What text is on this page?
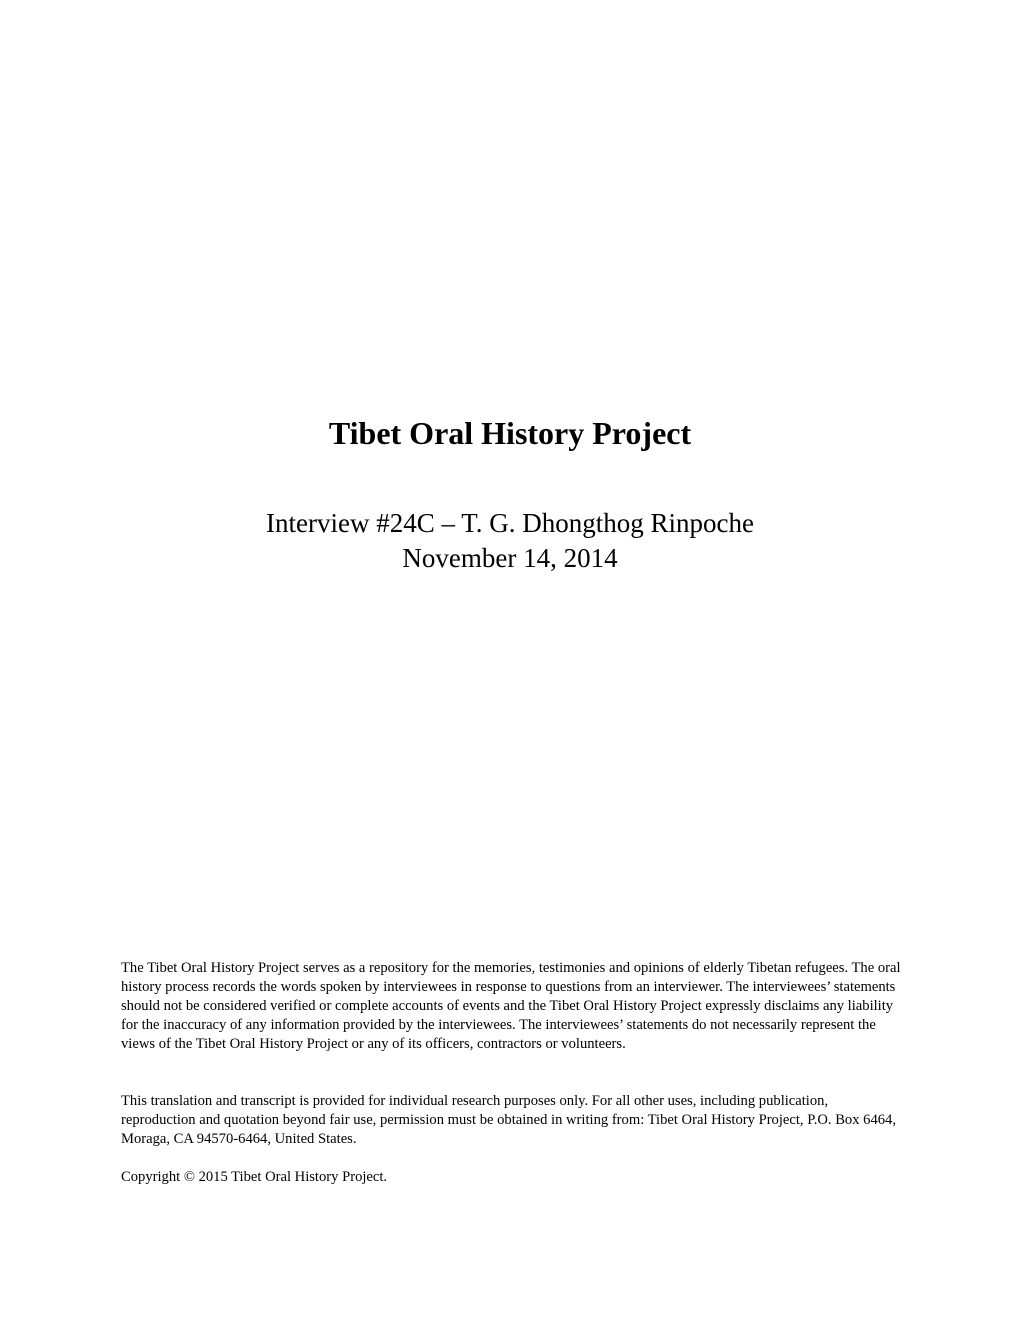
Tibet Oral History Project
Interview #24C – T. G. Dhongthog Rinpoche
November 14, 2014

The Tibet Oral History Project serves as a repository for the memories, testimonies and opinions of elderly Tibetan refugees. The oral history process records the words spoken by interviewees in response to questions from an interviewer. The interviewees’ statements should not be considered verified or complete accounts of events and the Tibet Oral History Project expressly disclaims any liability for the inaccuracy of any information provided by the interviewees. The interviewees’ statements do not necessarily represent the views of the Tibet Oral History Project or any of its officers, contractors or volunteers.

This translation and transcript is provided for individual research purposes only. For all other uses, including publication, reproduction and quotation beyond fair use, permission must be obtained in writing from: Tibet Oral History Project, P.O. Box 6464, Moraga, CA 94570-6464, United States.

Copyright © 2015 Tibet Oral History Project.
